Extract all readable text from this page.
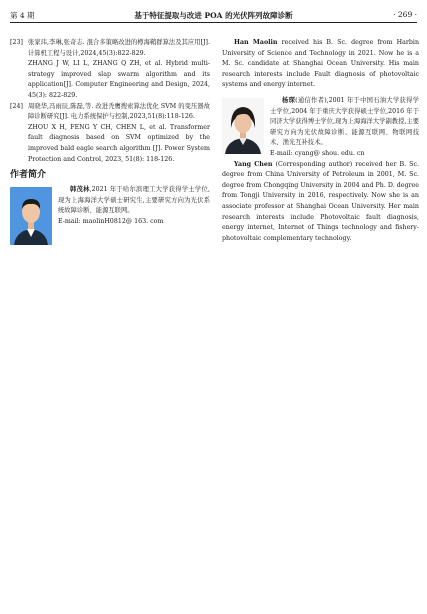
第 4 期	基于特征提取与改进 POA 的光伏阵列故障诊断	· 269 ·
[23] 张家玮,李琳,张奇志. 混合多策略改进的樽海鞘群算法及其应用[J]. 计算机工程与设计,2024,45(3):822-829.

ZHANG J W, LI L, ZHANG Q ZH, et al. Hybrid multi-strategy improved slap swarm algorithm and its application[J]. Computer Engineering and Design, 2024, 45(3): 822-829.

[24] 周晓华,冯雨辰,陈磊,等. 改进秃鹰搜索算法优化 SVM 的变压器故障诊断研究[J]. 电力系统保护与控制,2023,51(8):118-126.

ZHOU X H, FENG Y CH, CHEN L, et al. Transformer fault diagnosis based on SVM optimized by the improved bald eagle search algorithm [J]. Power System Protection and Control, 2023, 51(8): 118-126.

作者简介

韩茂林,2021 年于哈尔滨理工大学获得学士学位,现为上海海洋大学硕士研究生,主要研究方向为光伏系统故障诊断、能源互联网。

E-mail: maolinH0812@ 163. com

Han Maolin received his B. Sc. degree from Harbin University of Science and Technology in 2021. Now he is a M. Sc. candidate at Shanghai Ocean University. His main research interests include Fault diagnosis of photovoltaic systems and energy internet.

杨琛(通信作者),2001 年于中国石油大学获得学士学位,2004 年于重庆大学获得硕士学位,2016 年于同济大学获得博士学位,现为上海海洋大学副教授,主要研究方向为光伏故障诊断、能源互联网、物联网技术、渔光互补技术。

E-mail: cyang@ shou. edu. cn

Yang Chen (Corresponding author) received her B. Sc. degree from China University of Petroleum in 2001, M. Sc. degree from Chongqing University in 2004 and Ph. D. degree from Tongji University in 2016, respectively. Now she is an associate professor at Shanghai Ocean University. Her main research interests include Photovoltaic fault diagnosis, energy internet, Internet of Things technology and fishery-photovoltaic complementary technology.
